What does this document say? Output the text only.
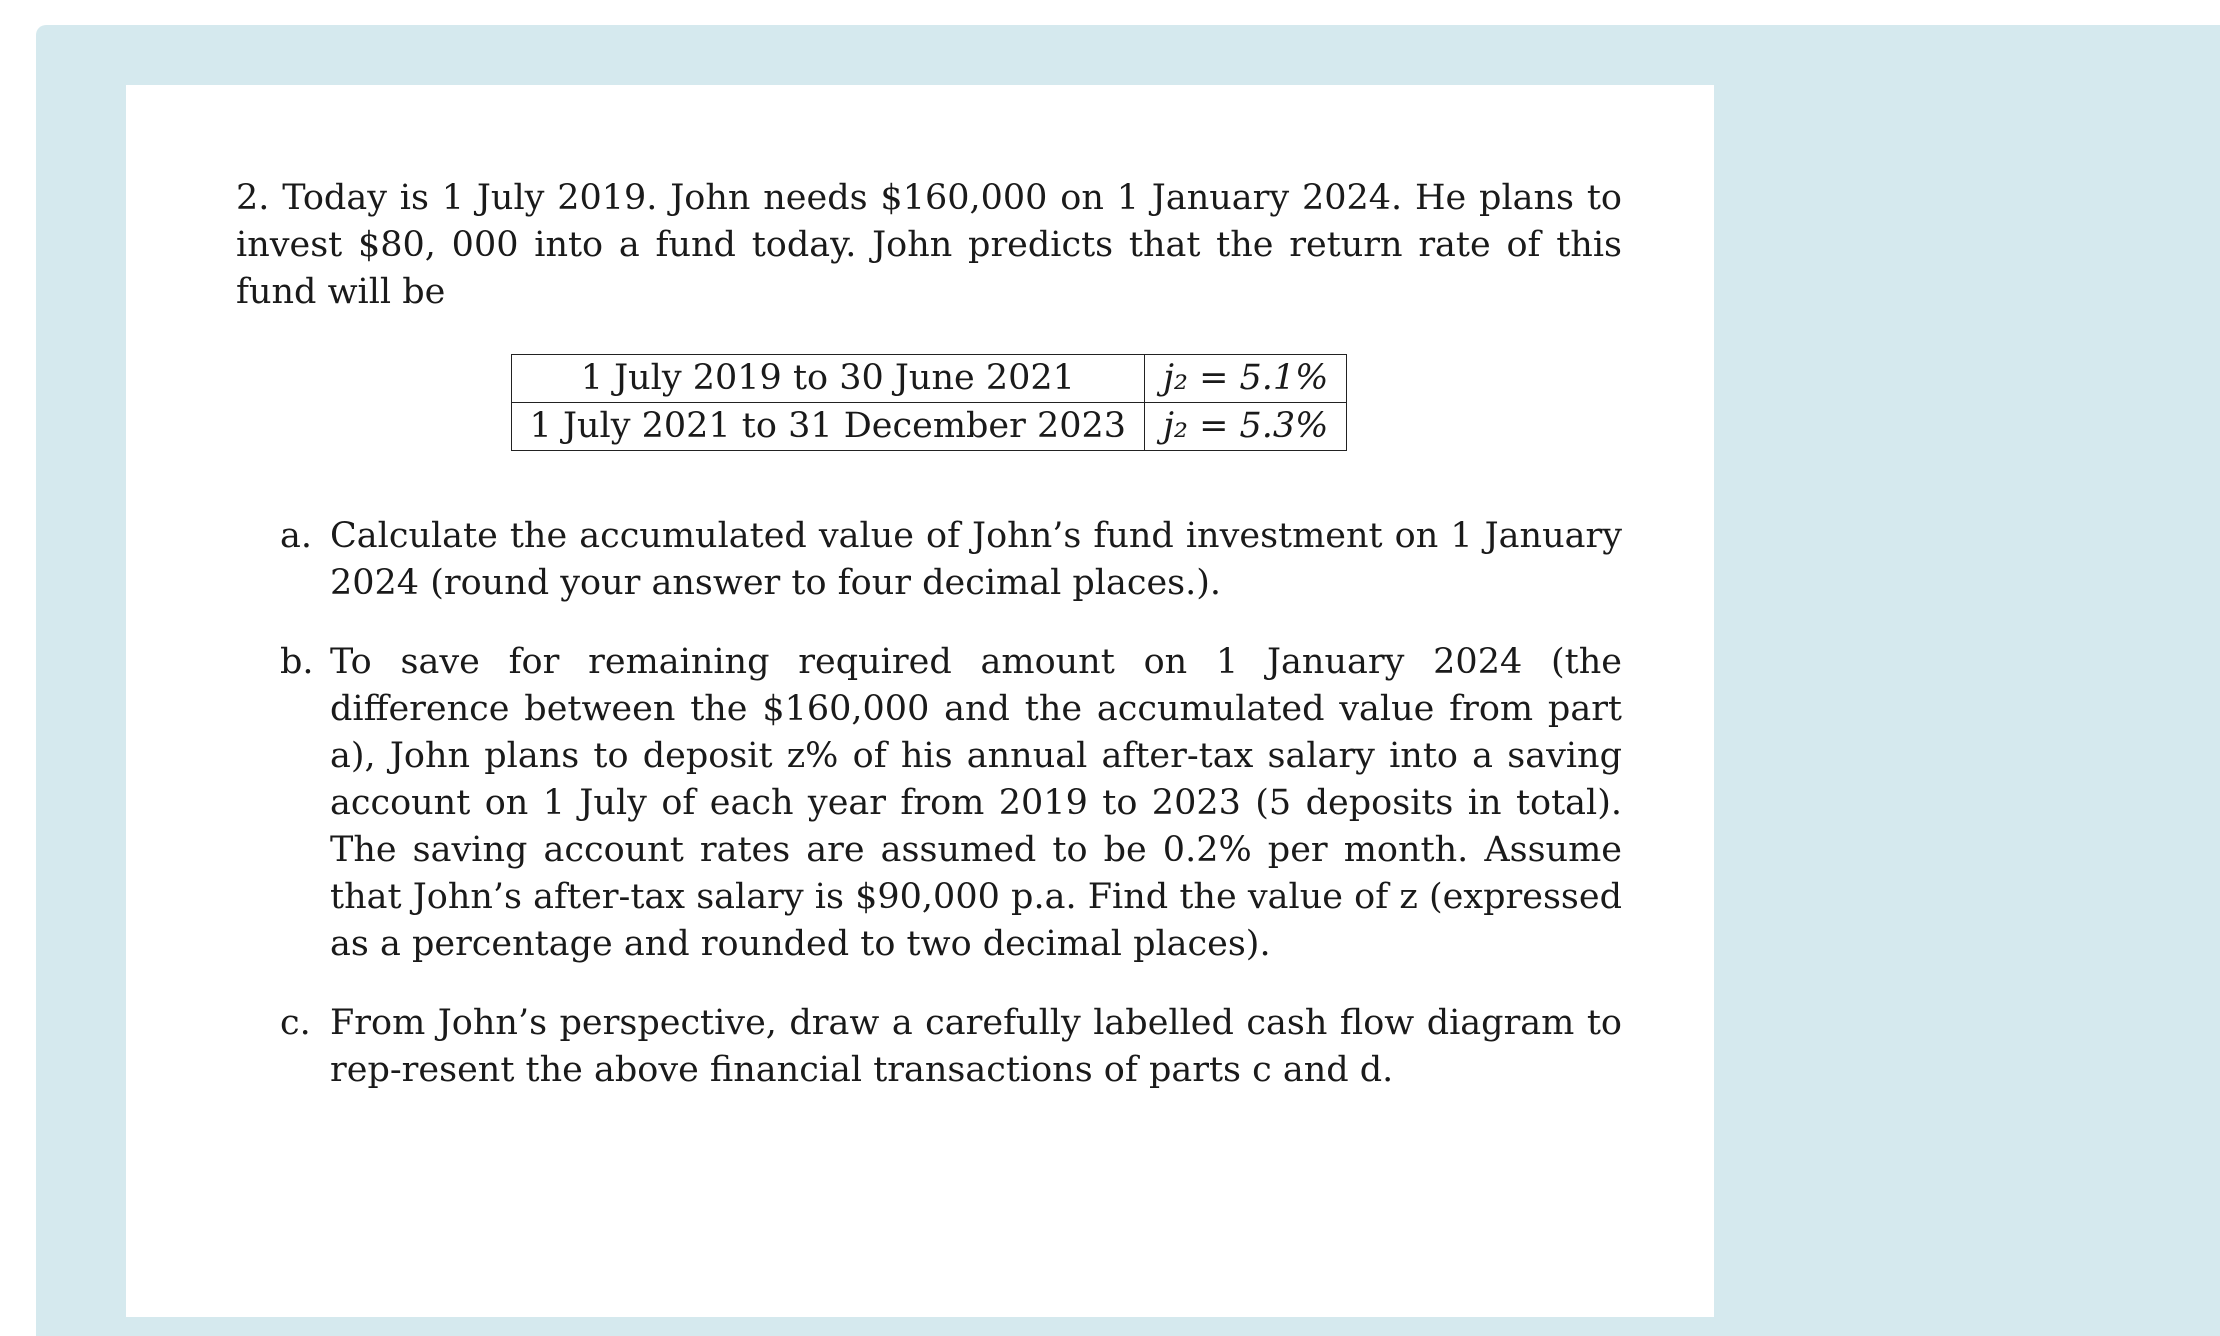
2. Today is 1 July 2019. John needs $160,000 on 1 January 2024. He plans to invest $80, 000 into a fund today. John predicts that the return rate of this fund will be

1 July 2019 to 30 June 2021	j₂ = 5.1%
1 July 2021 to 31 December 2023	j₂ = 5.3%
a. Calculate the accumulated value of John’s fund investment on 1 January 2024 (round your answer to four decimal places.).
b. To save for remaining required amount on 1 January 2024 (the difference between the $160,000 and the accumulated value from part a), John plans to deposit z% of his annual after-tax salary into a saving account on 1 July of each year from 2019 to 2023 (5 deposits in total). The saving account rates are assumed to be 0.2% per month. Assume that John’s after-tax salary is $90,000 p.a. Find the value of z (expressed as a percentage and rounded to two decimal places).
c. From John’s perspective, draw a carefully labelled cash flow diagram to rep-resent the above financial transactions of parts c and d.
